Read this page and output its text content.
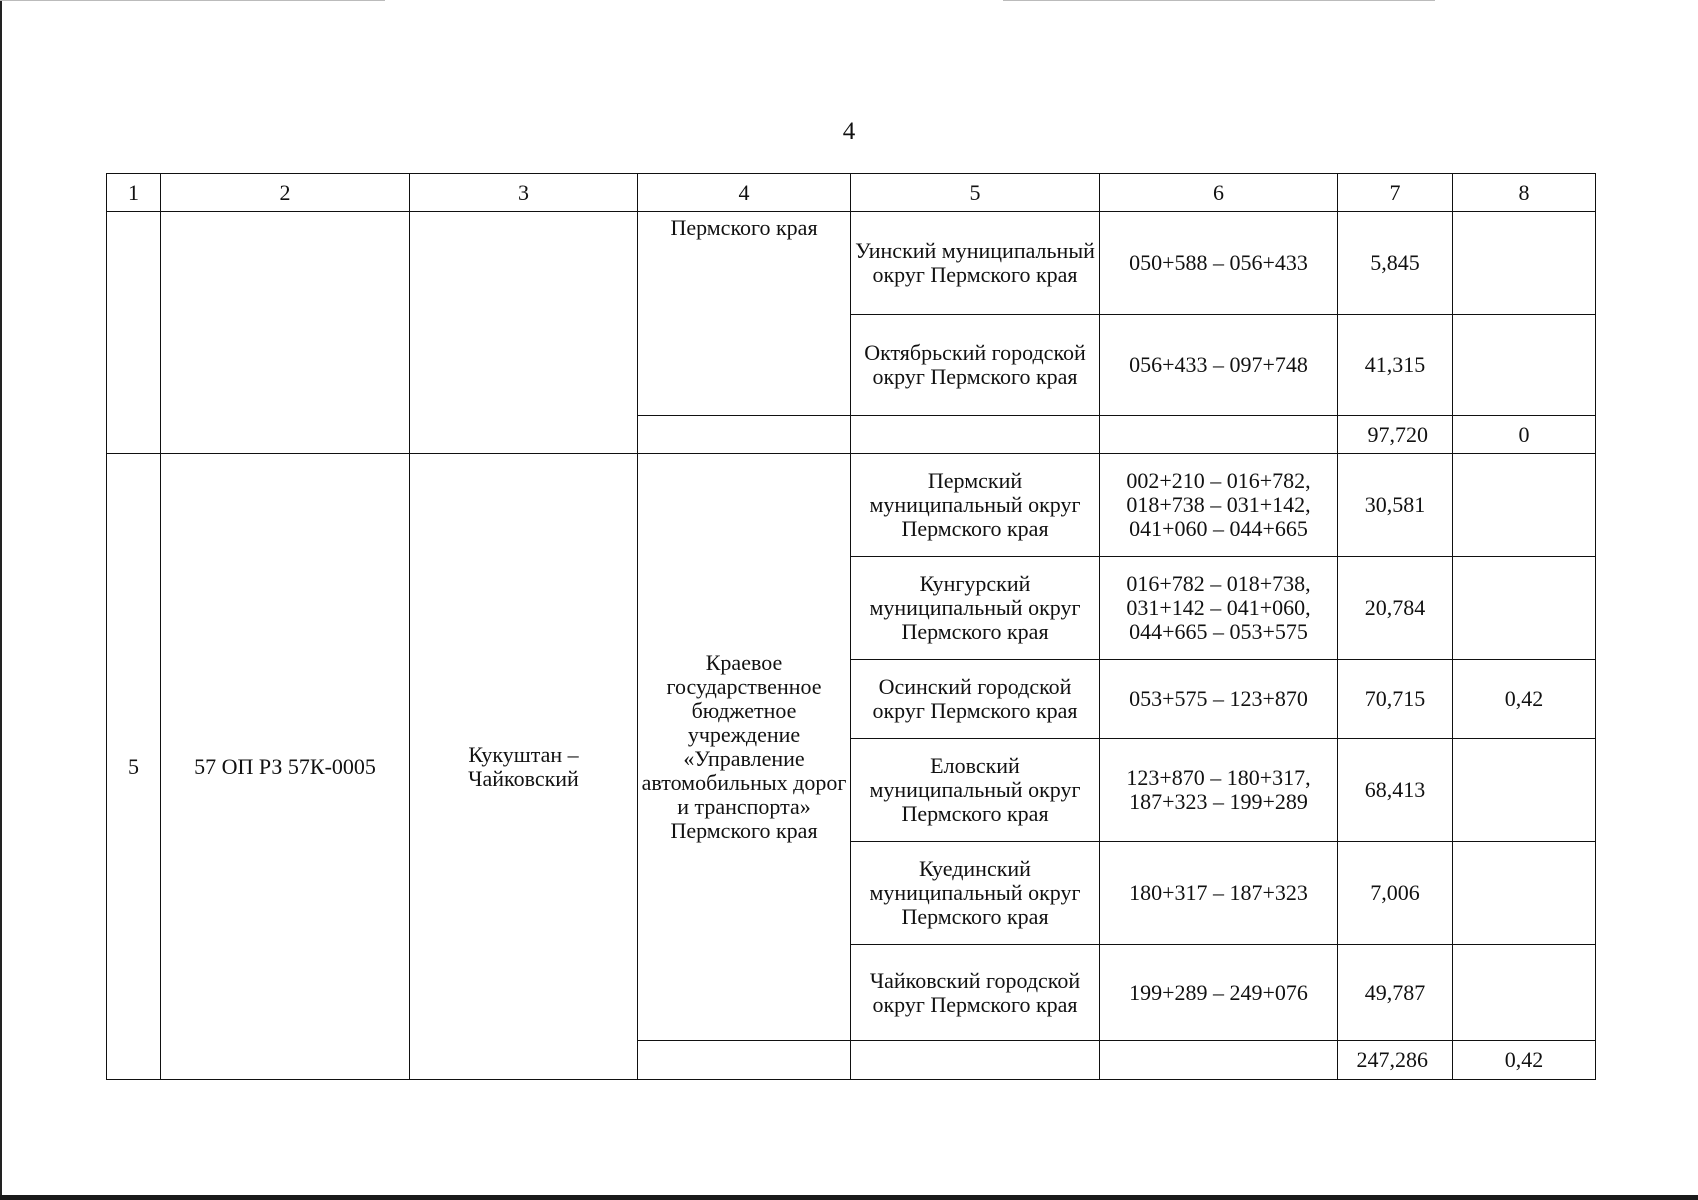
4
1	2	3	4	5	6	7	8
			Пермского края	Уинский муниципальный округ Пермского края	050+588 – 056+433	5,845	
				Октябрьский городской округ Пермского края	056+433 – 097+748	41,315	
						97,720	0
5	57 ОП РЗ 57К-0005	Кукуштан – Чайковский	Краевое государственное бюджетное учреждение «Управление автомобильных дорог и транспорта» Пермского края	Пермский муниципальный округ Пермского края	002+210 – 016+782, 018+738 – 031+142, 041+060 – 044+665	30,581	
				Кунгурский муниципальный округ Пермского края	016+782 – 018+738, 031+142 – 041+060, 044+665 – 053+575	20,784	
				Осинский городской округ Пермского края	053+575 – 123+870	70,715	0,42
				Еловский муниципальный округ Пермского края	123+870 – 180+317, 187+323 – 199+289	68,413	
				Куединский муниципальный округ Пермского края	180+317 – 187+323	7,006	
				Чайковский городской округ Пермского края	199+289 – 249+076	49,787	
						247,286	0,42
